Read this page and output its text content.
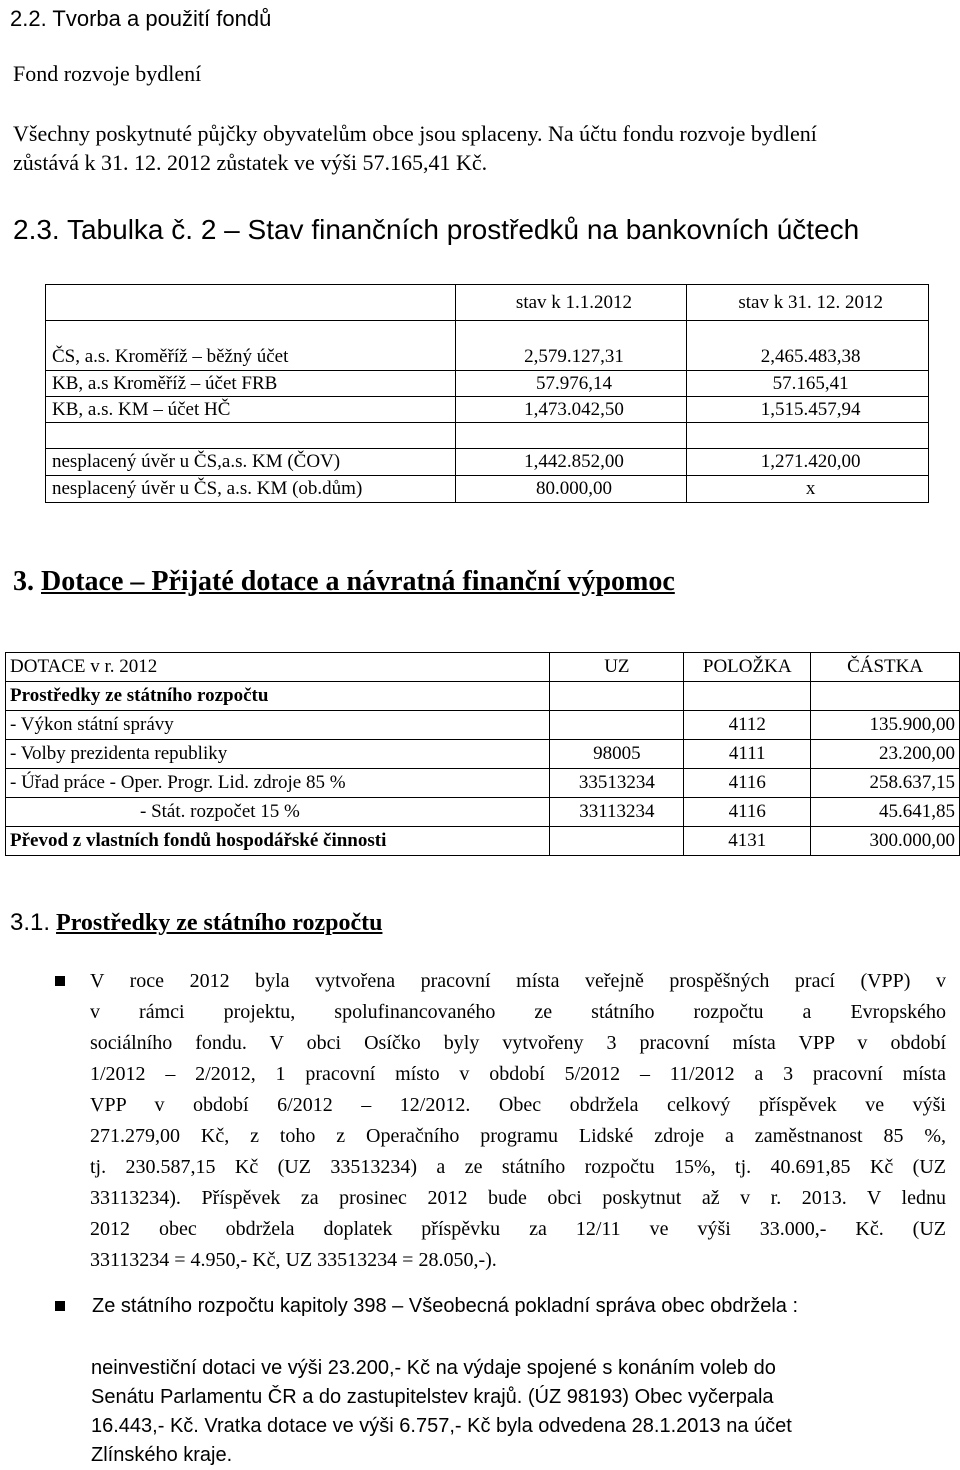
2.2. Tvorba a použití fondů

Fond rozvoje bydlení

Všechny poskytnuté půjčky obyvatelům obce jsou splaceny. Na účtu fondu rozvoje bydlení

zůstává k 31. 12. 2012 zůstatek ve výši 57.165,41 Kč.

2.3. Tabulka č. 2 – Stav finančních prostředků na bankovních účtech

	stav k 1.1.2012	stav k 31. 12. 2012

ČS, a.s. Kroměříž – běžný účet	2,579.127,31	2,465.483,38
KB, a.s Kroměříž – účet FRB	57.976,14	57.165,41
KB, a.s. KM – účet HČ	1,473.042,50	1,515.457,94

nesplacený úvěr u ČS,a.s. KM (ČOV)	1,442.852,00	1,271.420,00
nesplacený úvěr u ČS, a.s. KM (ob.dům)	80.000,00	x

3. Dotace – Přijaté dotace a návratná finanční výpomoc

DOTACE v r. 2012	UZ	POLOŽKA	ČÁSTKA
Prostředky ze státního rozpočtu			
- Výkon státní správy		4112	135.900,00
- Volby prezidenta republiky	98005	4111	23.200,00
- Úřad práce - Oper. Progr. Lid. zdroje 85 %	33513234	4116	258.637,15
- Stát. rozpočet 15 %	33113234	4116	45.641,85
Převod z vlastních fondů hospodářské činnosti		4131	300.000,00

3.1. Prostředky ze státního rozpočtu

V roce 2012 byla vytvořena pracovní místa veřejně prospěšných prací (VPP) v
v rámci projektu, spolufinancovaného ze státního rozpočtu a Evropského
sociálního fondu. V obci Osíčko byly vytvořeny 3 pracovní místa VPP v období
1/2012 – 2/2012, 1 pracovní místo v období 5/2012 – 11/2012 a 3 pracovní místa
VPP v období 6/2012 – 12/2012. Obec obdržela celkový příspěvek ve výši
271.279,00 Kč, z toho z Operačního programu Lidské zdroje a zaměstnanost 85 %,
tj. 230.587,15 Kč (UZ 33513234) a ze státního rozpočtu 15%, tj. 40.691,85 Kč (UZ
33113234). Příspěvek za prosinec 2012 bude obci poskytnut až v r. 2013. V lednu
2012 obec obdržela doplatek příspěvku za 12/11 ve výši 33.000,- Kč. (UZ
33113234 = 4.950,- Kč, UZ 33513234 = 28.050,-).

Ze státního rozpočtu kapitoly 398 – Všeobecná pokladní správa obec obdržela :

neinvestiční dotaci ve výši 23.200,- Kč na výdaje spojené s konáním voleb do
Senátu Parlamentu ČR a do zastupitelstev krajů. (ÚZ 98193) Obec vyčerpala
16.443,- Kč. Vratka dotace ve výši 6.757,- Kč byla odvedena 28.1.2013 na účet
Zlínského kraje.
